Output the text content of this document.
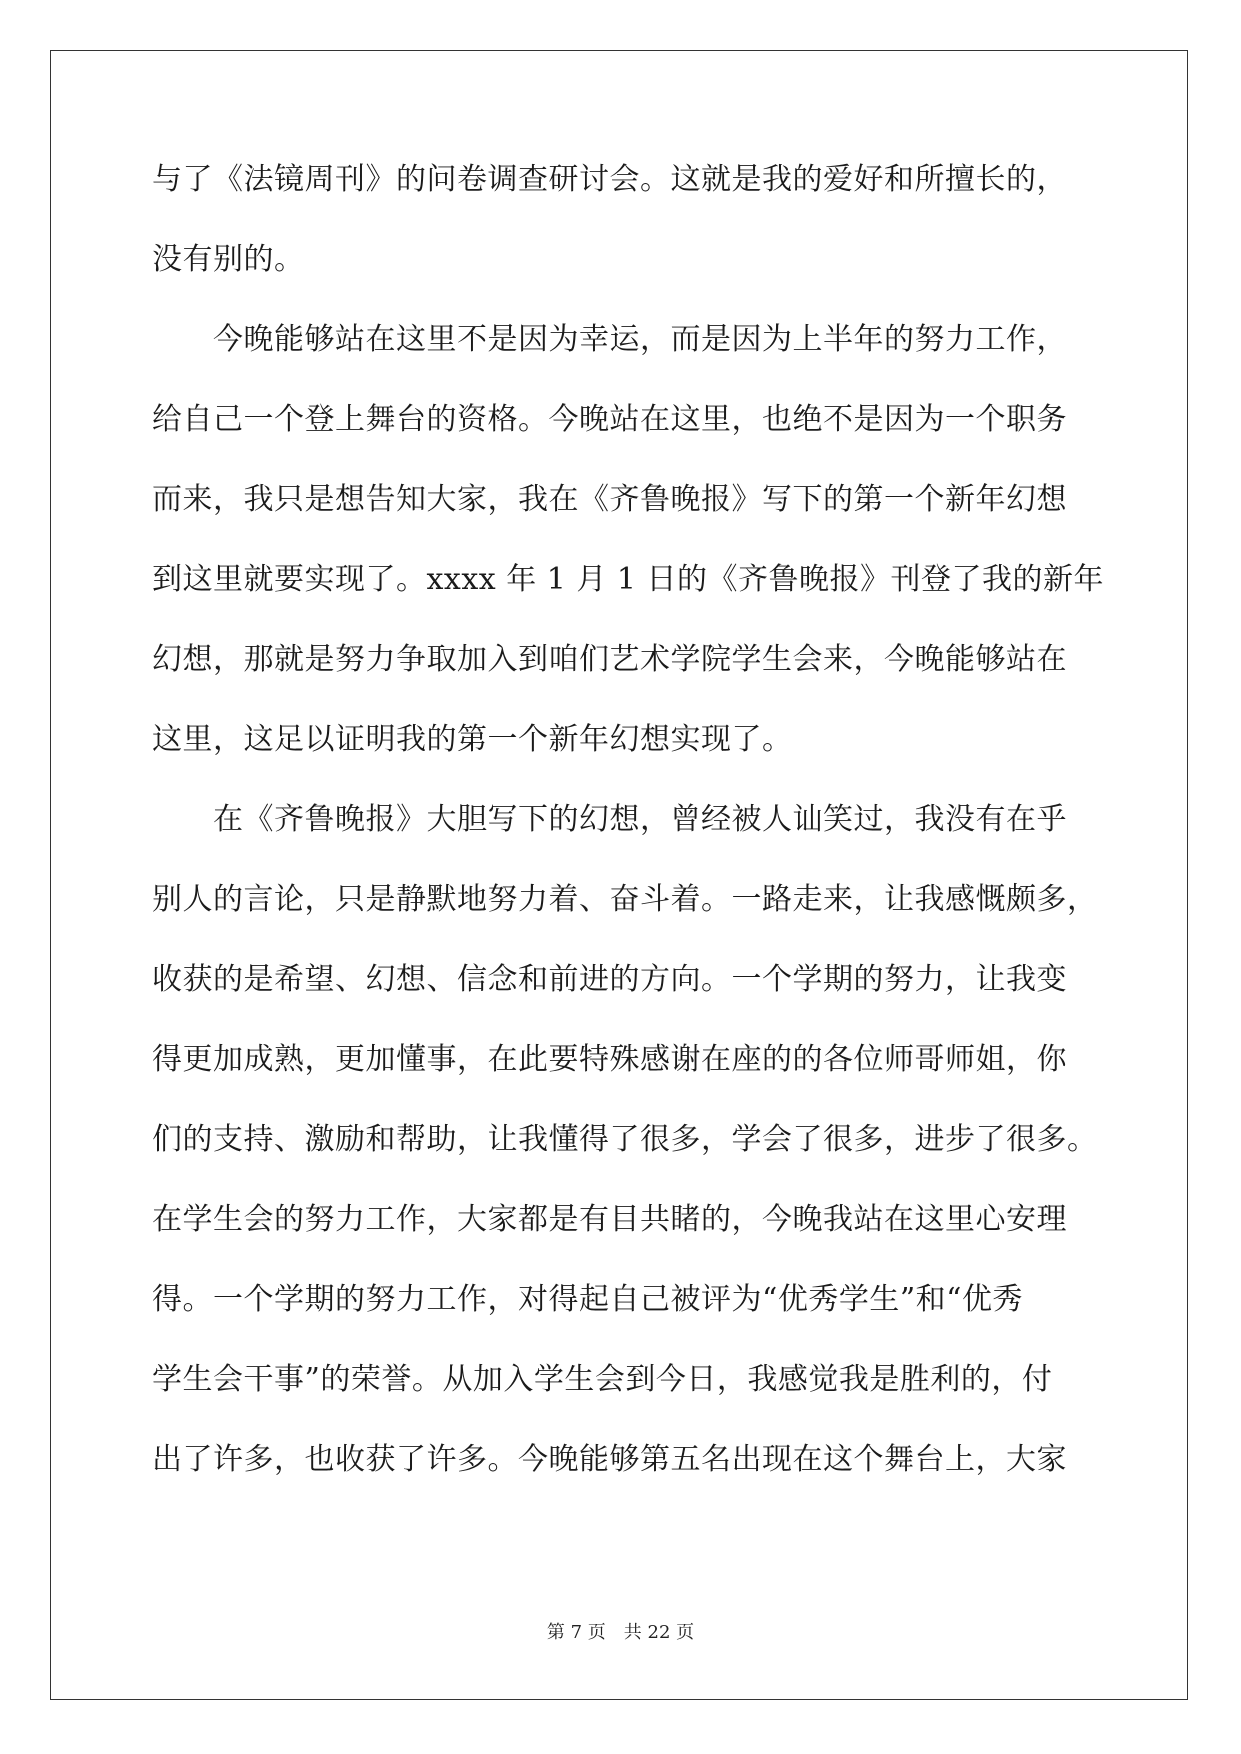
与了《法镜周刊》的问卷调查研讨会。这就是我的爱好和所擅长的，
没有别的。
　　今晚能够站在这里不是因为幸运，而是因为上半年的努力工作，
给自己一个登上舞台的资格。今晚站在这里，也绝不是因为一个职务
而来，我只是想告知大家，我在《齐鲁晚报》写下的第一个新年幻想
到这里就要实现了。xxxx 年 1 月 1 日的《齐鲁晚报》刊登了我的新年
幻想，那就是努力争取加入到咱们艺术学院学生会来，今晚能够站在
这里，这足以证明我的第一个新年幻想实现了。
　　在《齐鲁晚报》大胆写下的幻想，曾经被人讪笑过，我没有在乎
别人的言论，只是静默地努力着、奋斗着。一路走来，让我感慨颇多，
收获的是希望、幻想、信念和前进的方向。一个学期的努力，让我变
得更加成熟，更加懂事，在此要特殊感谢在座的的各位师哥师姐，你
们的支持、激励和帮助，让我懂得了很多，学会了很多，进步了很多。
在学生会的努力工作，大家都是有目共睹的，今晚我站在这里心安理
得。一个学期的努力工作，对得起自己被评为“优秀学生”和“优秀
学生会干事”的荣誉。从加入学生会到今日，我感觉我是胜利的，付
出了许多，也收获了许多。今晚能够第五名出现在这个舞台上，大家
第 7 页　共 22 页
